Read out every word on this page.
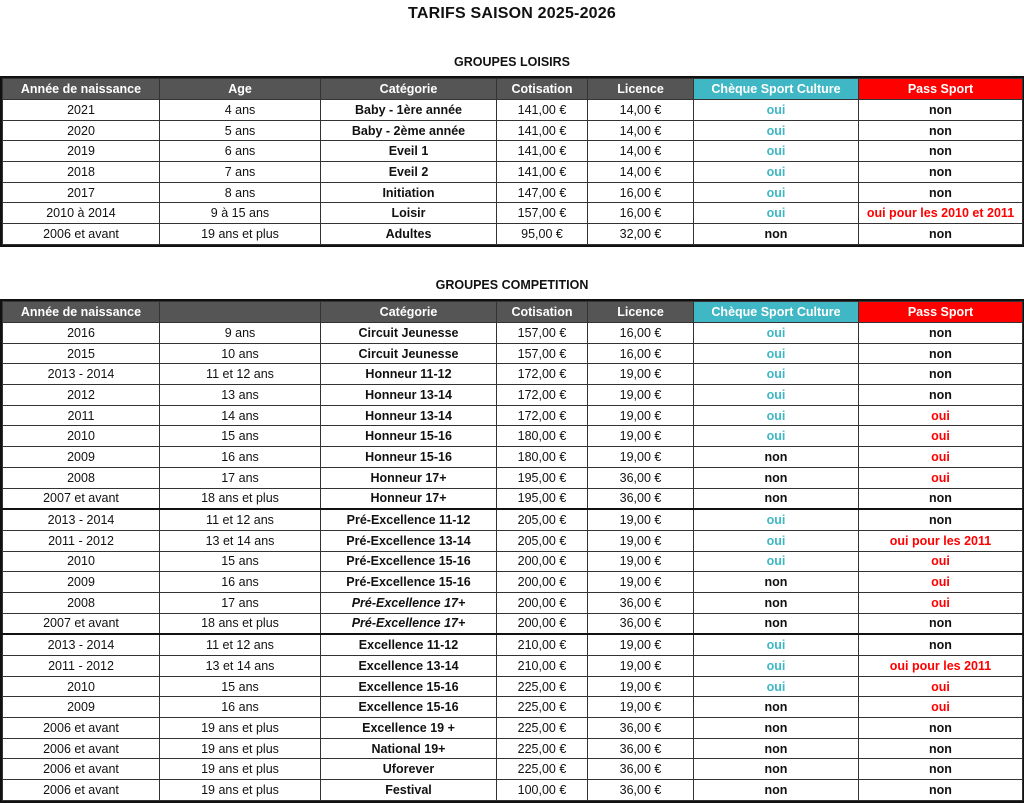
TARIFS SAISON 2025-2026
GROUPES LOISIRS
Année de naissance	Age	Catégorie	Cotisation	Licence	Chèque Sport Culture	Pass Sport
2021	4 ans	Baby - 1ère année	141,00 €	14,00 €	oui	non
2020	5 ans	Baby - 2ème année	141,00 €	14,00 €	oui	non
2019	6 ans	Eveil 1	141,00 €	14,00 €	oui	non
2018	7 ans	Eveil 2	141,00 €	14,00 €	oui	non
2017	8 ans	Initiation	147,00 €	16,00 €	oui	non
2010 à 2014	9 à 15 ans	Loisir	157,00 €	16,00 €	oui	oui pour les 2010 et 2011
2006 et avant	19 ans et plus	Adultes	95,00 €	32,00 €	non	non
GROUPES COMPETITION
Année de naissance		Catégorie	Cotisation	Licence	Chèque Sport Culture	Pass Sport
2016	9 ans	Circuit Jeunesse	157,00 €	16,00 €	oui	non
2015	10 ans	Circuit Jeunesse	157,00 €	16,00 €	oui	non
2013 - 2014	11 et 12 ans	Honneur 11-12	172,00 €	19,00 €	oui	non
2012	13 ans	Honneur 13-14	172,00 €	19,00 €	oui	non
2011	14 ans	Honneur 13-14	172,00 €	19,00 €	oui	oui
2010	15 ans	Honneur 15-16	180,00 €	19,00 €	oui	oui
2009	16 ans	Honneur 15-16	180,00 €	19,00 €	non	oui
2008	17 ans	Honneur 17+	195,00 €	36,00 €	non	oui
2007 et avant	18 ans et plus	Honneur 17+	195,00 €	36,00 €	non	non
2013 - 2014	11 et 12 ans	Pré-Excellence 11-12	205,00 €	19,00 €	oui	non
2011 - 2012	13 et 14 ans	Pré-Excellence 13-14	205,00 €	19,00 €	oui	oui pour les 2011
2010	15 ans	Pré-Excellence 15-16	200,00 €	19,00 €	oui	oui
2009	16 ans	Pré-Excellence 15-16	200,00 €	19,00 €	non	oui
2008	17 ans	Pré-Excellence 17+	200,00 €	36,00 €	non	oui
2007 et avant	18 ans et plus	Pré-Excellence 17+	200,00 €	36,00 €	non	non
2013 - 2014	11 et 12 ans	Excellence 11-12	210,00 €	19,00 €	oui	non
2011 - 2012	13 et 14 ans	Excellence 13-14	210,00 €	19,00 €	oui	oui pour les 2011
2010	15 ans	Excellence 15-16	225,00 €	19,00 €	oui	oui
2009	16 ans	Excellence 15-16	225,00 €	19,00 €	non	oui
2006 et avant	19 ans et plus	Excellence 19 +	225,00 €	36,00 €	non	non
2006 et avant	19 ans et plus	National 19+	225,00 €	36,00 €	non	non
2006 et avant	19 ans et plus	Uforever	225,00 €	36,00 €	non	non
2006 et avant	19 ans et plus	Festival	100,00 €	36,00 €	non	non
